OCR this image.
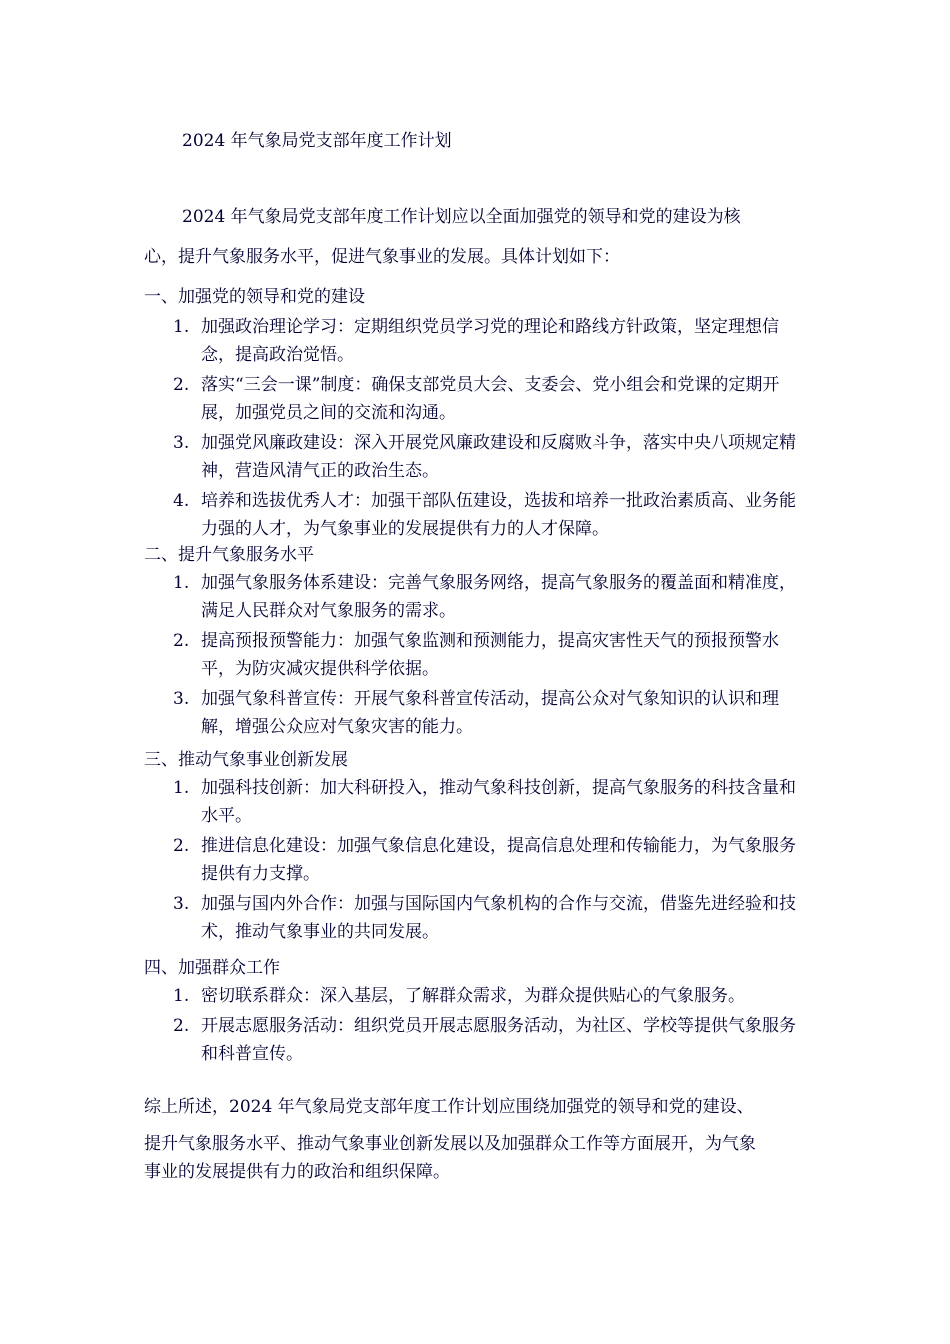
2024 年气象局党支部年度工作计划

2024 年气象局党支部年度工作计划应以全面加强党的领导和党的建设为核

心，提升气象服务水平，促进气象事业的发展。具体计划如下：

一、加强党的领导和党的建设

1. 加强政治理论学习：定期组织党员学习党的理论和路线方针政策，坚定理想信念，提高政治觉悟。
2. 落实“三会一课”制度：确保支部党员大会、支委会、党小组会和党课的定期开展，加强党员之间的交流和沟通。
3. 加强党风廉政建设：深入开展党风廉政建设和反腐败斗争，落实中央八项规定精神，营造风清气正的政治生态。
4. 培养和选拔优秀人才：加强干部队伍建设，选拔和培养一批政治素质高、业务能力强的人才，为气象事业的发展提供有力的人才保障。

二、提升气象服务水平

1. 加强气象服务体系建设：完善气象服务网络，提高气象服务的覆盖面和精准度，满足人民群众对气象服务的需求。
2. 提高预报预警能力：加强气象监测和预测能力，提高灾害性天气的预报预警水平，为防灾减灾提供科学依据。
3. 加强气象科普宣传：开展气象科普宣传活动，提高公众对气象知识的认识和理解，增强公众应对气象灾害的能力。

三、推动气象事业创新发展

1. 加强科技创新：加大科研投入，推动气象科技创新，提高气象服务的科技含量和水平。
2. 推进信息化建设：加强气象信息化建设，提高信息处理和传输能力，为气象服务提供有力支撑。
3. 加强与国内外合作：加强与国际国内气象机构的合作与交流，借鉴先进经验和技术，推动气象事业的共同发展。

四、加强群众工作

1. 密切联系群众：深入基层，了解群众需求，为群众提供贴心的气象服务。
2. 开展志愿服务活动：组织党员开展志愿服务活动，为社区、学校等提供气象服务和科普宣传。

综上所述，2024 年气象局党支部年度工作计划应围绕加强党的领导和党的建设、

提升气象服务水平、推动气象事业创新发展以及加强群众工作等方面展开，为气象

事业的发展提供有力的政治和组织保障。
